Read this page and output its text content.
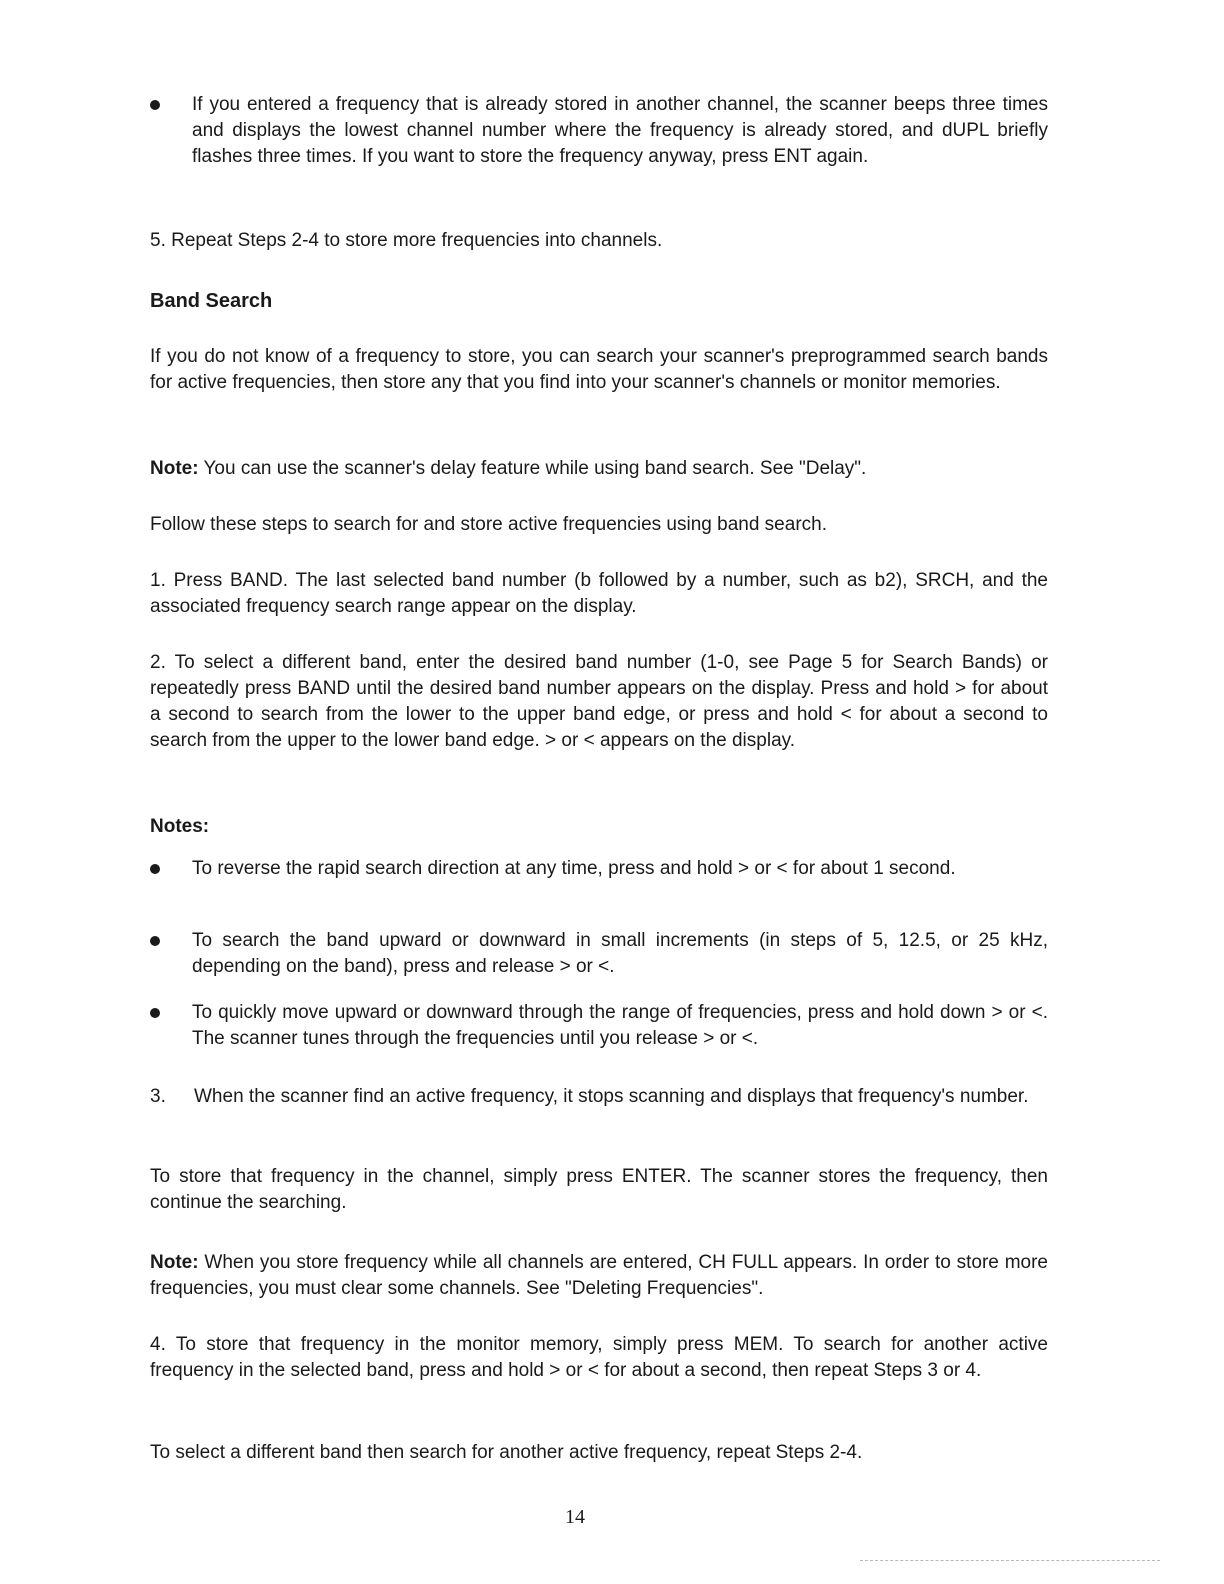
If you entered a frequency that is already stored in another channel, the scanner beeps three times and displays the lowest channel number where the frequency is already stored, and dUPL briefly flashes three times. If you want to store the frequency anyway, press ENT again.

5. Repeat Steps 2-4 to store more frequencies into channels.

Band Search

If you do not know of a frequency to store, you can search your scanner's preprogrammed search bands for active frequencies, then store any that you find into your scanner's channels or monitor memories.

Note: You can use the scanner's delay feature while using band search. See "Delay".

Follow these steps to search for and store active frequencies using band search.

1. Press BAND. The last selected band number (b followed by a number, such as b2), SRCH, and the associated frequency search range appear on the display.

2. To select a different band, enter the desired band number (1-0, see Page 5 for Search Bands) or repeatedly press BAND until the desired band number appears on the display. Press and hold > for about a second to search from the lower to the upper band edge, or press and hold < for about a second to search from the upper to the lower band edge. > or < appears on the display.

Notes:

To reverse the rapid search direction at any time, press and hold > or < for about 1 second.
To search the band upward or downward in small increments (in steps of 5, 12.5, or 25 kHz, depending on the band), press and release > or <.
To quickly move upward or downward through the range of frequencies, press and hold down > or <. The scanner tunes through the frequencies until you release > or <.
3. When the scanner find an active frequency, it stops scanning and displays that frequency's number.

To store that frequency in the channel, simply press ENTER. The scanner stores the frequency, then continue the searching.

Note: When you store frequency while all channels are entered, CH FULL appears. In order to store more frequencies, you must clear some channels. See "Deleting Frequencies".

4. To store that frequency in the monitor memory, simply press MEM. To search for another active frequency in the selected band, press and hold > or < for about a second, then repeat Steps 3 or 4.

To select a different band then search for another active frequency, repeat Steps 2-4.

14
